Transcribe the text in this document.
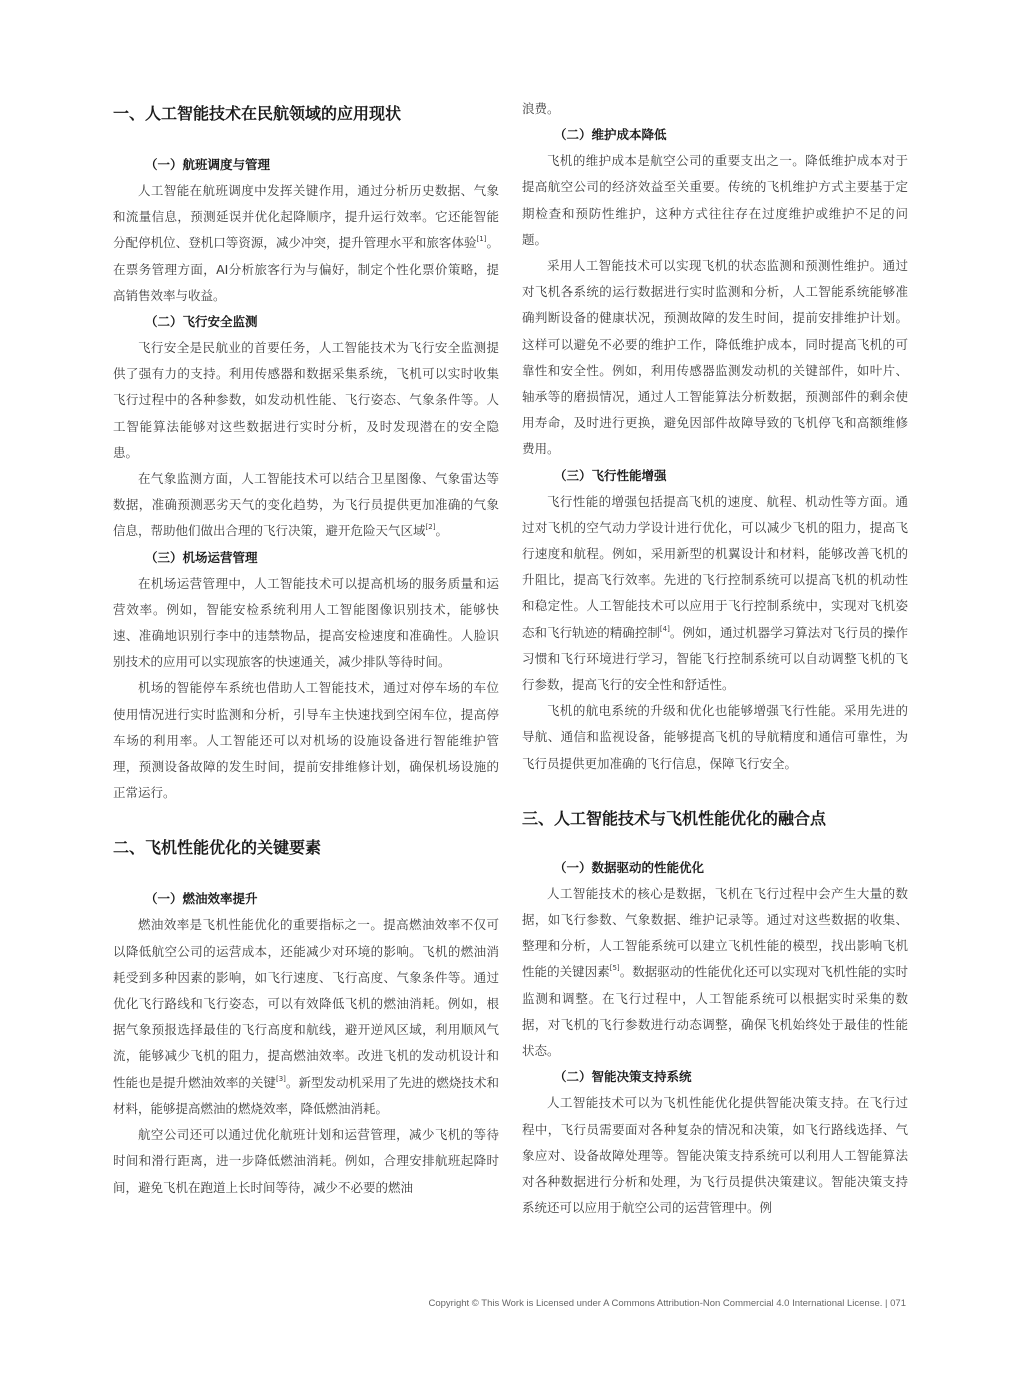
一、人工智能技术在民航领域的应用现状
（一）航班调度与管理
人工智能在航班调度中发挥关键作用，通过分析历史数据、气象和流量信息，预测延误并优化起降顺序，提升运行效率。它还能智能分配停机位、登机口等资源，减少冲突，提升管理水平和旅客体验[1]。在票务管理方面，AI分析旅客行为与偏好，制定个性化票价策略，提高销售效率与收益。
（二）飞行安全监测
飞行安全是民航业的首要任务，人工智能技术为飞行安全监测提供了强有力的支持。利用传感器和数据采集系统，飞机可以实时收集飞行过程中的各种参数，如发动机性能、飞行姿态、气象条件等。人工智能算法能够对这些数据进行实时分析，及时发现潜在的安全隐患。
在气象监测方面，人工智能技术可以结合卫星图像、气象雷达等数据，准确预测恶劣天气的变化趋势，为飞行员提供更加准确的气象信息，帮助他们做出合理的飞行决策，避开危险天气区域[2]。
（三）机场运营管理
在机场运营管理中，人工智能技术可以提高机场的服务质量和运营效率。例如，智能安检系统利用人工智能图像识别技术，能够快速、准确地识别行李中的违禁物品，提高安检速度和准确性。人脸识别技术的应用可以实现旅客的快速通关，减少排队等待时间。
机场的智能停车系统也借助人工智能技术，通过对停车场的车位使用情况进行实时监测和分析，引导车主快速找到空闲车位，提高停车场的利用率。人工智能还可以对机场的设施设备进行智能维护管理，预测设备故障的发生时间，提前安排维修计划，确保机场设施的正常运行。
二、飞机性能优化的关键要素
（一）燃油效率提升
燃油效率是飞机性能优化的重要指标之一。提高燃油效率不仅可以降低航空公司的运营成本，还能减少对环境的影响。飞机的燃油消耗受到多种因素的影响，如飞行速度、飞行高度、气象条件等。通过优化飞行路线和飞行姿态，可以有效降低飞机的燃油消耗。例如，根据气象预报选择最佳的飞行高度和航线，避开逆风区域，利用顺风气流，能够减少飞机的阻力，提高燃油效率。改进飞机的发动机设计和性能也是提升燃油效率的关键[3]。新型发动机采用了先进的燃烧技术和材料，能够提高燃油的燃烧效率，降低燃油消耗。
航空公司还可以通过优化航班计划和运营管理，减少飞机的等待时间和滑行距离，进一步降低燃油消耗。例如，合理安排航班起降时间，避免飞机在跑道上长时间等待，减少不必要的燃油
浪费。
（二）维护成本降低
飞机的维护成本是航空公司的重要支出之一。降低维护成本对于提高航空公司的经济效益至关重要。传统的飞机维护方式主要基于定期检查和预防性维护，这种方式往往存在过度维护或维护不足的问题。
采用人工智能技术可以实现飞机的状态监测和预测性维护。通过对飞机各系统的运行数据进行实时监测和分析，人工智能系统能够准确判断设备的健康状况，预测故障的发生时间，提前安排维护计划。这样可以避免不必要的维护工作，降低维护成本，同时提高飞机的可靠性和安全性。例如，利用传感器监测发动机的关键部件，如叶片、轴承等的磨损情况，通过人工智能算法分析数据，预测部件的剩余使用寿命，及时进行更换，避免因部件故障导致的飞机停飞和高额维修费用。
（三）飞行性能增强
飞行性能的增强包括提高飞机的速度、航程、机动性等方面。通过对飞机的空气动力学设计进行优化，可以减少飞机的阻力，提高飞行速度和航程。例如，采用新型的机翼设计和材料，能够改善飞机的升阻比，提高飞行效率。先进的飞行控制系统可以提高飞机的机动性和稳定性。人工智能技术可以应用于飞行控制系统中，实现对飞机姿态和飞行轨迹的精确控制[4]。例如，通过机器学习算法对飞行员的操作习惯和飞行环境进行学习，智能飞行控制系统可以自动调整飞机的飞行参数，提高飞行的安全性和舒适性。
飞机的航电系统的升级和优化也能够增强飞行性能。采用先进的导航、通信和监视设备，能够提高飞机的导航精度和通信可靠性，为飞行员提供更加准确的飞行信息，保障飞行安全。
三、人工智能技术与飞机性能优化的融合点
（一）数据驱动的性能优化
人工智能技术的核心是数据，飞机在飞行过程中会产生大量的数据，如飞行参数、气象数据、维护记录等。通过对这些数据的收集、整理和分析，人工智能系统可以建立飞机性能的模型，找出影响飞机性能的关键因素[5]。数据驱动的性能优化还可以实现对飞机性能的实时监测和调整。在飞行过程中，人工智能系统可以根据实时采集的数据，对飞机的飞行参数进行动态调整，确保飞机始终处于最佳的性能状态。
（二）智能决策支持系统
人工智能技术可以为飞机性能优化提供智能决策支持。在飞行过程中，飞行员需要面对各种复杂的情况和决策，如飞行路线选择、气象应对、设备故障处理等。智能决策支持系统可以利用人工智能算法对各种数据进行分析和处理，为飞行员提供决策建议。智能决策支持系统还可以应用于航空公司的运营管理中。例
Copyright © This Work is Licensed under A Commons Attribution-Non Commercial 4.0 International License. | 071
